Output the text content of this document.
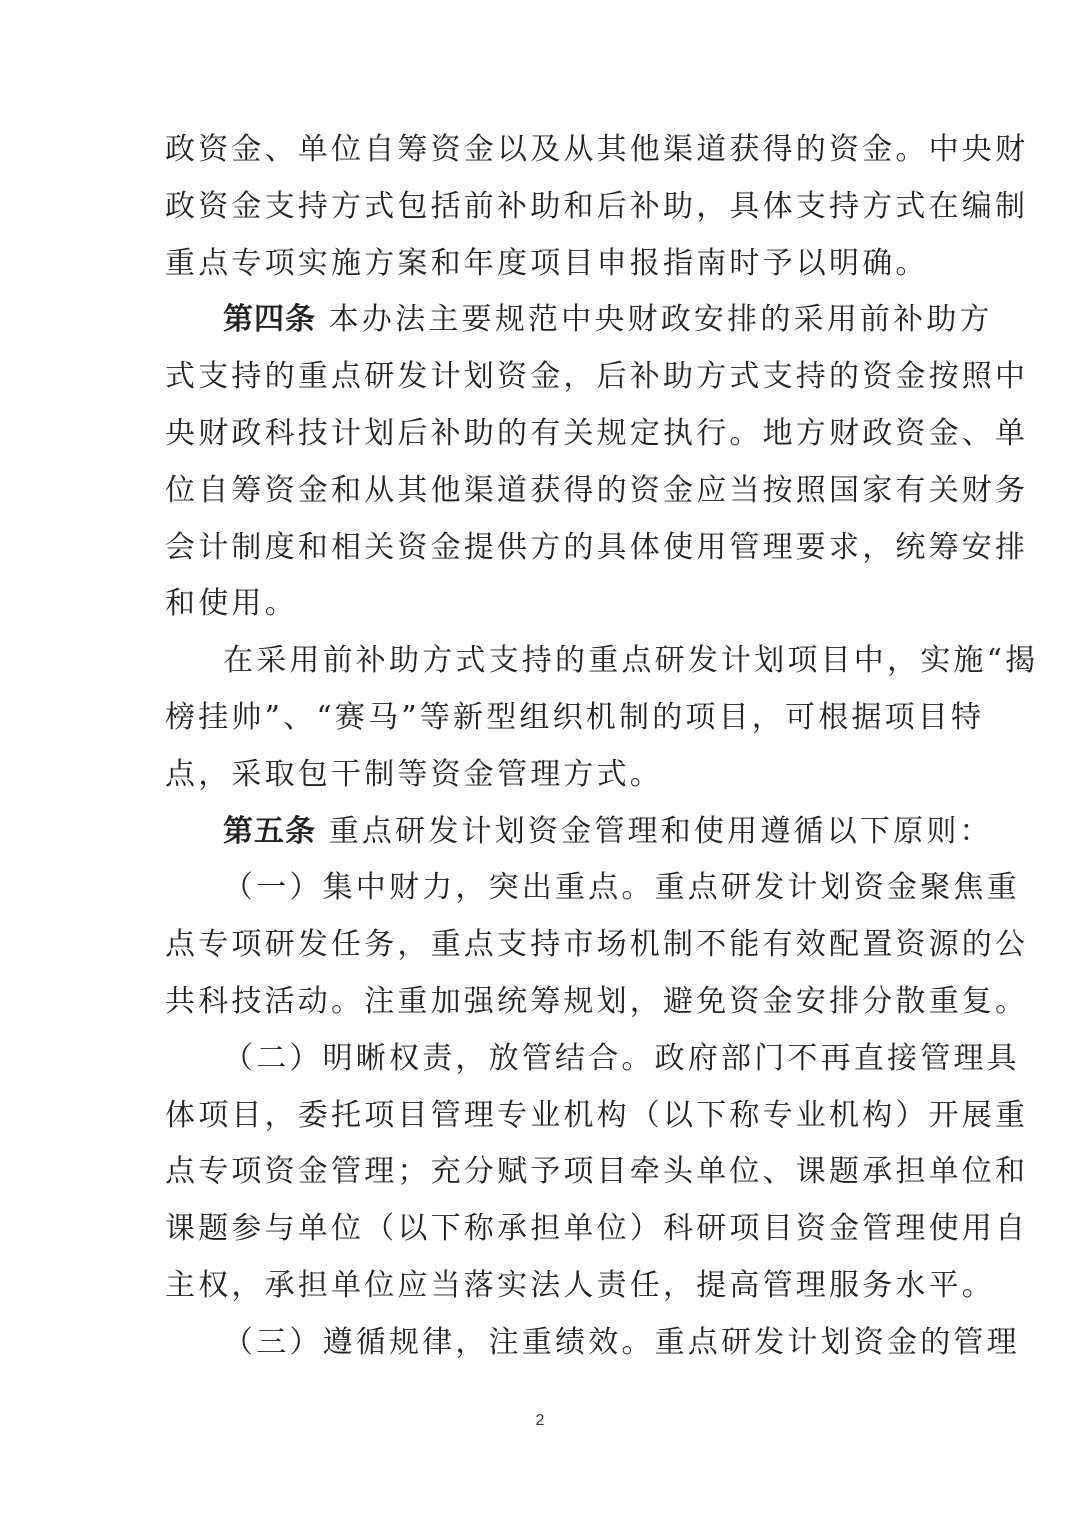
政资金、单位自筹资金以及从其他渠道获得的资金。中央财
政资金支持方式包括前补助和后补助，具体支持方式在编制
重点专项实施方案和年度项目申报指南时予以明确。
第四条 本办法主要规范中央财政安排的采用前补助方
式支持的重点研发计划资金，后补助方式支持的资金按照中
央财政科技计划后补助的有关规定执行。地方财政资金、单
位自筹资金和从其他渠道获得的资金应当按照国家有关财务
会计制度和相关资金提供方的具体使用管理要求，统筹安排
和使用。
在采用前补助方式支持的重点研发计划项目中，实施“揭
榜挂帅”、“赛马”等新型组织机制的项目，可根据项目特
点，采取包干制等资金管理方式。
第五条 重点研发计划资金管理和使用遵循以下原则：
（一）集中财力，突出重点。重点研发计划资金聚焦重
点专项研发任务，重点支持市场机制不能有效配置资源的公
共科技活动。注重加强统筹规划，避免资金安排分散重复。
（二）明晰权责，放管结合。政府部门不再直接管理具
体项目，委托项目管理专业机构（以下称专业机构）开展重
点专项资金管理；充分赋予项目牵头单位、课题承担单位和
课题参与单位（以下称承担单位）科研项目资金管理使用自
主权，承担单位应当落实法人责任，提高管理服务水平。
（三）遵循规律，注重绩效。重点研发计划资金的管理
2
